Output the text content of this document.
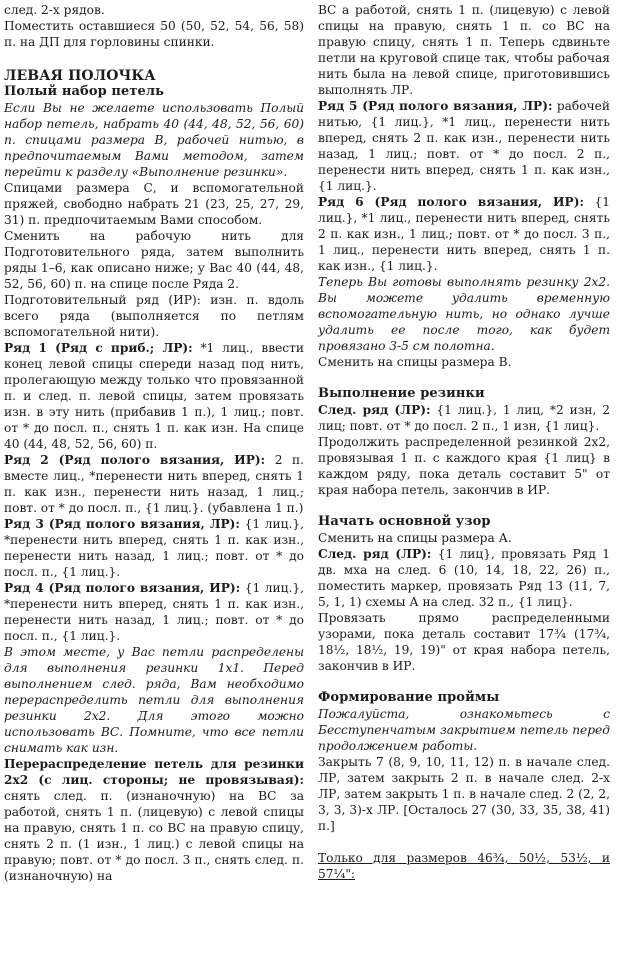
след. 2-х рядов.

Поместить оставшиеся 50 (50, 52, 54, 56, 58) п. на ДП для горловины спинки.

ЛЕВАЯ ПОЛОЧКА

Полый набор петель

Если Вы не желаете использовать Полый набор петель, набрать 40 (44, 48, 52, 56, 60) п. спицами размера В, рабочей нитью, в предпочитаемым Вами методом, затем перейти к разделу «Выполнение резинки».

Спицами размера С, и вспомогательной пряжей, свободно набрать 21 (23, 25, 27, 29, 31) п. предпочитаемым Вами способом.

Сменить на рабочую нить для Подготовительного ряда, затем выполнить ряды 1–6, как описано ниже; у Вас 40 (44, 48, 52, 56, 60) п. на спице после Ряда 2.

Подготовительный ряд (ИР): изн. п. вдоль всего ряда (выполняется по петлям вспомогательной нити).

Ряд 1 (Ряд с приб.; ЛР): *1 лиц., ввести конец левой спицы спереди назад под нить, пролегающую между только что провязанной п. и след. п. левой спицы, затем провязать изн. в эту нить (прибавив 1 п.), 1 лиц.; повт. от * до посл. п., снять 1 п. как изн. На спице 40 (44, 48, 52, 56, 60) п.

Ряд 2 (Ряд полого вязания, ИР): 2 п. вместе лиц., *перенести нить вперед, снять 1 п. как изн., перенести нить назад, 1 лиц.; повт. от * до посл. п., {1 лиц.}. (убавлена 1 п.)

Ряд 3 (Ряд полого вязания, ЛР): {1 лиц.}, *перенести нить вперед, снять 1 п. как изн., перенести нить назад, 1 лиц.; повт. от * до посл. п., {1 лиц.}.

Ряд 4 (Ряд полого вязания, ИР): {1 лиц.}, *перенести нить вперед, снять 1 п. как изн., перенести нить назад, 1 лиц.; повт. от * до посл. п., {1 лиц.}.

В этом месте, у Вас петли распределены для выполнения резинки 1х1. Перед выполнением след. ряда, Вам необходимо перераспределить петли для выполнения резинки 2х2. Для этого можно использовать ВС. Помните, что все петли снимать как изн.

Перераспределение петель для резинки 2х2 (с лиц. стороны; не провязывая): снять след. п. (изнаночную) на ВС за работой, снять 1 п. (лицевую) с левой спицы на правую, снять 1 п. со ВС на правую спицу, снять 2 п. (1 изн., 1 лиц.) с левой спицы на правую; повт. от * до посл. 3 п., снять след. п. (изнаночную) на

ВС а работой, снять 1 п. (лицевую) с левой спицы на правую, снять 1 п. со ВС на правую спицу, снять 1 п. Теперь сдвиньте петли на круговой спице так, чтобы рабочая нить была на левой спице, приготовившись выполнять ЛР.

Ряд 5 (Ряд полого вязания, ЛР): рабочей нитью, {1 лиц.}, *1 лиц., перенести нить вперед, снять 2 п. как изн., перенести нить назад, 1 лиц.; повт. от * до посл. 2 п., перенести нить вперед, снять 1 п. как изн., {1 лиц.}.

Ряд 6 (Ряд полого вязания, ИР): {1 лиц.}, *1 лиц., перенести нить вперед, снять 2 п. как изн., 1 лиц.; повт. от * до посл. 3 п., 1 лиц., перенести нить вперед, снять 1 п. как изн., {1 лиц.}.

Теперь Вы готовы выполнять резинку 2х2. Вы можете удалить временную вспомогательную нить, но однако лучше удалить ее после того, как будет провязано 3-5 см полотна.

Сменить на спицы размера В.

Выполнение резинки

След. ряд (ЛР): {1 лиц.}, 1 лиц, *2 изн, 2 лиц; повт. от * до посл. 2 п., 1 изн, {1 лиц}.

Продолжить распределенной резинкой 2х2, провязывая 1 п. с каждого края {1 лиц} в каждом ряду, пока деталь составит 5" от края набора петель, закончив в ИР.

Начать основной узор

Сменить на спицы размера А.

След. ряд (ЛР): {1 лиц}, провязать Ряд 1 дв. мха на след. 6 (10, 14, 18, 22, 26) п., поместить маркер, провязать Ряд 13 (11, 7, 5, 1, 1) схемы А на след. 32 п., {1 лиц}.

Провязать прямо распределенными узорами, пока деталь составит 17¾ (17¾, 18½, 18½, 19, 19)" от края набора петель, закончив в ИР.

Формирование проймы

Пожалуйста, ознакомьтесь с Бесступенчатым закрытием петель перед продолжением работы.

Закрыть 7 (8, 9, 10, 11, 12) п. в начале след. ЛР, затем закрыть 2 п. в начале след. 2-х ЛР, затем закрыть 1 п. в начале след. 2 (2, 2, 3, 3, 3)-х ЛР. [Осталось 27 (30, 33, 35, 38, 41) п.]

Только для размеров 46¾, 50½, 53½, и 57¼":
